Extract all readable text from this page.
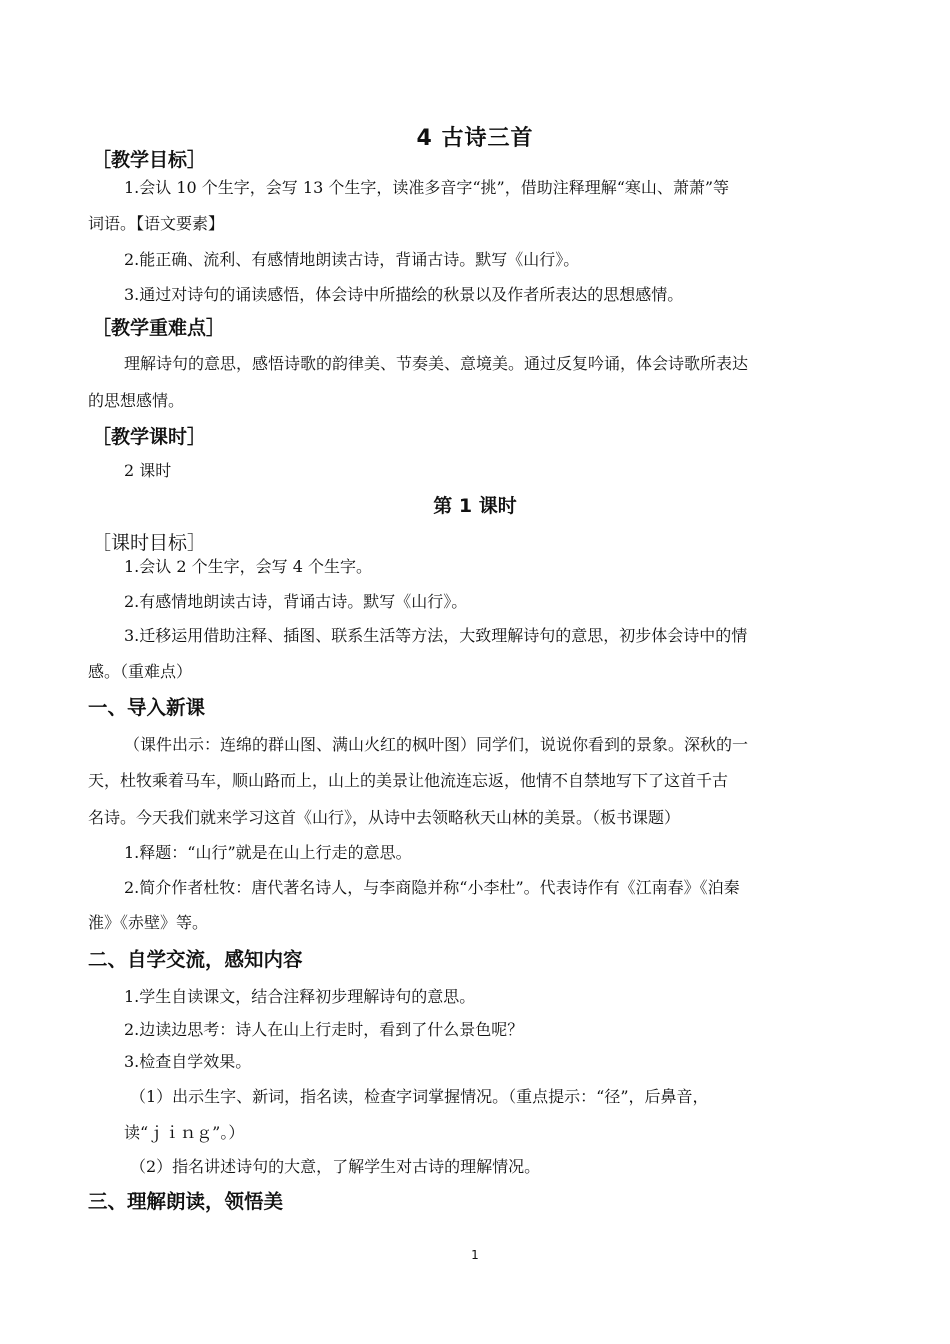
4 古诗三首
［教学目标］
1.会认 10 个生字，会写 13 个生字，读准多音字“挑”，借助注释理解“寒山、萧萧”等
词语。【语文要素】
2.能正确、流利、有感情地朗读古诗，背诵古诗。默写《山行》。
3.通过对诗句的诵读感悟，体会诗中所描绘的秋景以及作者所表达的思想感情。
［教学重难点］
理解诗句的意思，感悟诗歌的韵律美、节奏美、意境美。通过反复吟诵，体会诗歌所表达
的思想感情。
［教学课时］
2 课时
第 1 课时
［课时目标］
1.会认 2 个生字，会写 4 个生字。
2.有感情地朗读古诗，背诵古诗。默写《山行》。
3.迁移运用借助注释、插图、联系生活等方法，大致理解诗句的意思，初步体会诗中的情
感。（重难点）
一、导入新课
（课件出示：连绵的群山图、满山火红的枫叶图）同学们，说说你看到的景象。深秋的一
天，杜牧乘着马车，顺山路而上，山上的美景让他流连忘返，他情不自禁地写下了这首千古
名诗。今天我们就来学习这首《山行》，从诗中去领略秋天山林的美景。（板书课题）
1.释题：“山行”就是在山上行走的意思。
2.简介作者杜牧：唐代著名诗人，与李商隐并称“小李杜”。代表诗作有《江南春》《泊秦
淮》《赤壁》等。
二、自学交流，感知内容
1.学生自读课文，结合注释初步理解诗句的意思。
2.边读边思考：诗人在山上行走时，看到了什么景色呢？
3.检查自学效果。
（1）出示生字、新词，指名读，检查字词掌握情况。（重点提示：“径”，后鼻音，
读“ｊｉｎｇ”。）
（2）指名讲述诗句的大意，了解学生对古诗的理解情况。
三、理解朗读，领悟美
1
